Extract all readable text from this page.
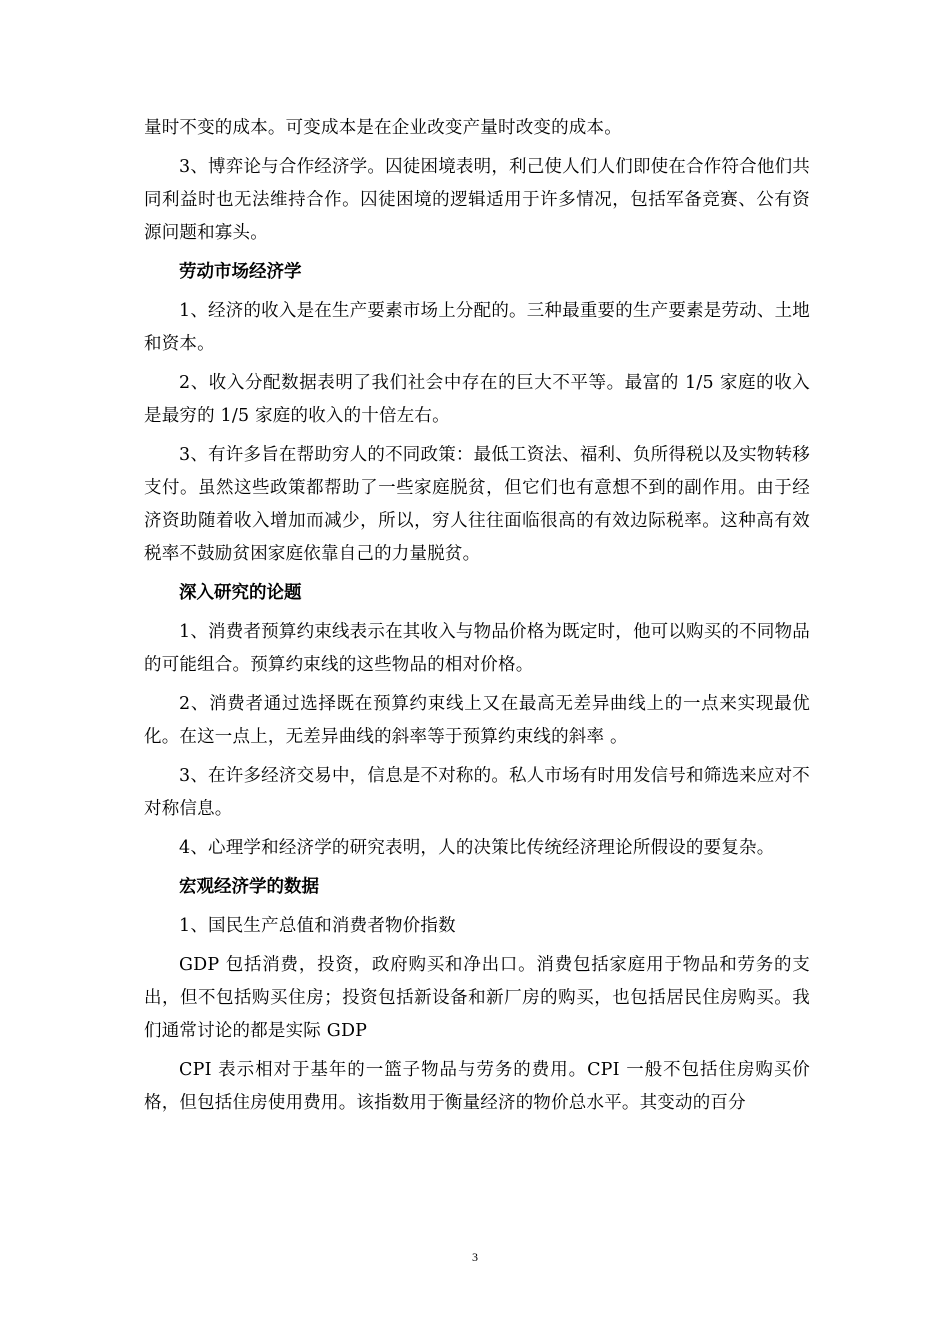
量时不变的成本。可变成本是在企业改变产量时改变的成本。

3、博弈论与合作经济学。囚徒困境表明，利己使人们人们即使在合作符合他们共同利益时也无法维持合作。囚徒困境的逻辑适用于许多情况，包括军备竞赛、公有资源问题和寡头。

劳动市场经济学

1、经济的收入是在生产要素市场上分配的。三种最重要的生产要素是劳动、土地和资本。

2、收入分配数据表明了我们社会中存在的巨大不平等。最富的 1/5 家庭的收入是最穷的 1/5 家庭的收入的十倍左右。

3、有许多旨在帮助穷人的不同政策：最低工资法、福利、负所得税以及实物转移支付。虽然这些政策都帮助了一些家庭脱贫，但它们也有意想不到的副作用。由于经济资助随着收入增加而减少，所以，穷人往往面临很高的有效边际税率。这种高有效税率不鼓励贫困家庭依靠自己的力量脱贫。

深入研究的论题

1、消费者预算约束线表示在其收入与物品价格为既定时，他可以购买的不同物品的可能组合。预算约束线的这些物品的相对价格。

2、消费者通过选择既在预算约束线上又在最高无差异曲线上的一点来实现最优化。在这一点上，无差异曲线的斜率等于预算约束线的斜率 。

3、在许多经济交易中，信息是不对称的。私人市场有时用发信号和筛选来应对不对称信息。

4、心理学和经济学的研究表明，人的决策比传统经济理论所假设的要复杂。

宏观经济学的数据

1、国民生产总值和消费者物价指数

GDP 包括消费，投资，政府购买和净出口。消费包括家庭用于物品和劳务的支出，但不包括购买住房；投资包括新设备和新厂房的购买，也包括居民住房购买。我们通常讨论的都是实际 GDP

CPI 表示相对于基年的一篮子物品与劳务的费用。CPI 一般不包括住房购买价格，但包括住房使用费用。该指数用于衡量经济的物价总水平。其变动的百分

3
